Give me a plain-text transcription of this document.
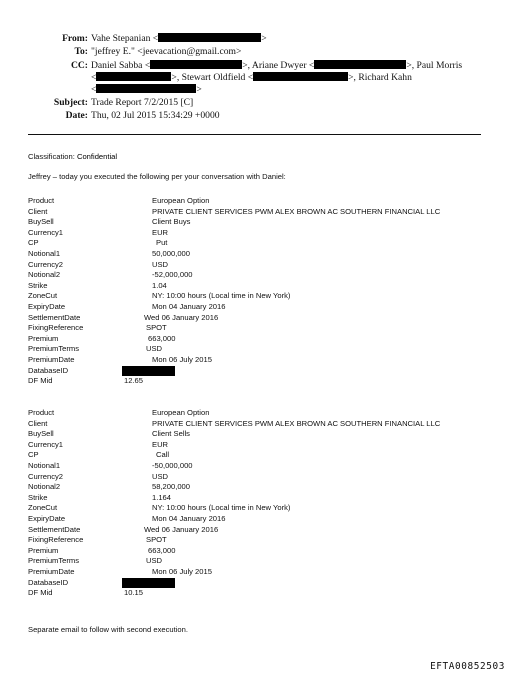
From: Vahe Stepanian <	>
To: "jeffrey E." <jeevacation@gmail.com>
CC: Daniel Sabba <	>, Ariane Dwyer <	>, Paul Morris
<	>, Stewart Oldfield <	>, Richard Kahn
<	>
Subject: Trade Report 7/2/2015 [C]
Date: Thu, 02 Jul 2015 15:34:29 +0000
Classification: Confidential
Jeffrey – today you executed the following per your conversation with Daniel:
Product	European Option
Client	PRIVATE CLIENT SERVICES PWM ALEX BROWN AC SOUTHERN FINANCIAL LLC
BuySell	Client Buys
Currency1	EUR
CP	Put
Notional1	50,000,000
Currency2	USD
Notional2	-52,000,000
Strike	1.04
ZoneCut	NY: 10:00 hours (Local time in New York)
ExpiryDate	Mon 04 January 2016
SettlementDate	Wed 06 January 2016
FixingReference	SPOT
Premium	663,000
PremiumTerms	USD
PremiumDate	Mon 06 July 2015
DatabaseID
DF Mid	12.65
Product	European Option
Client	PRIVATE CLIENT SERVICES PWM ALEX BROWN AC SOUTHERN FINANCIAL LLC
BuySell	Client Sells
Currency1	EUR
CP	Call
Notional1	-50,000,000
Currency2	USD
Notional2	58,200,000
Strike	1.164
ZoneCut	NY: 10:00 hours (Local time in New York)
ExpiryDate	Mon 04 January 2016
SettlementDate	Wed 06 January 2016
FixingReference	SPOT
Premium	663,000
PremiumTerms	USD
PremiumDate	Mon 06 July 2015
DatabaseID
DF Mid	10.15
Separate email to follow with second execution.
EFTA00852503
